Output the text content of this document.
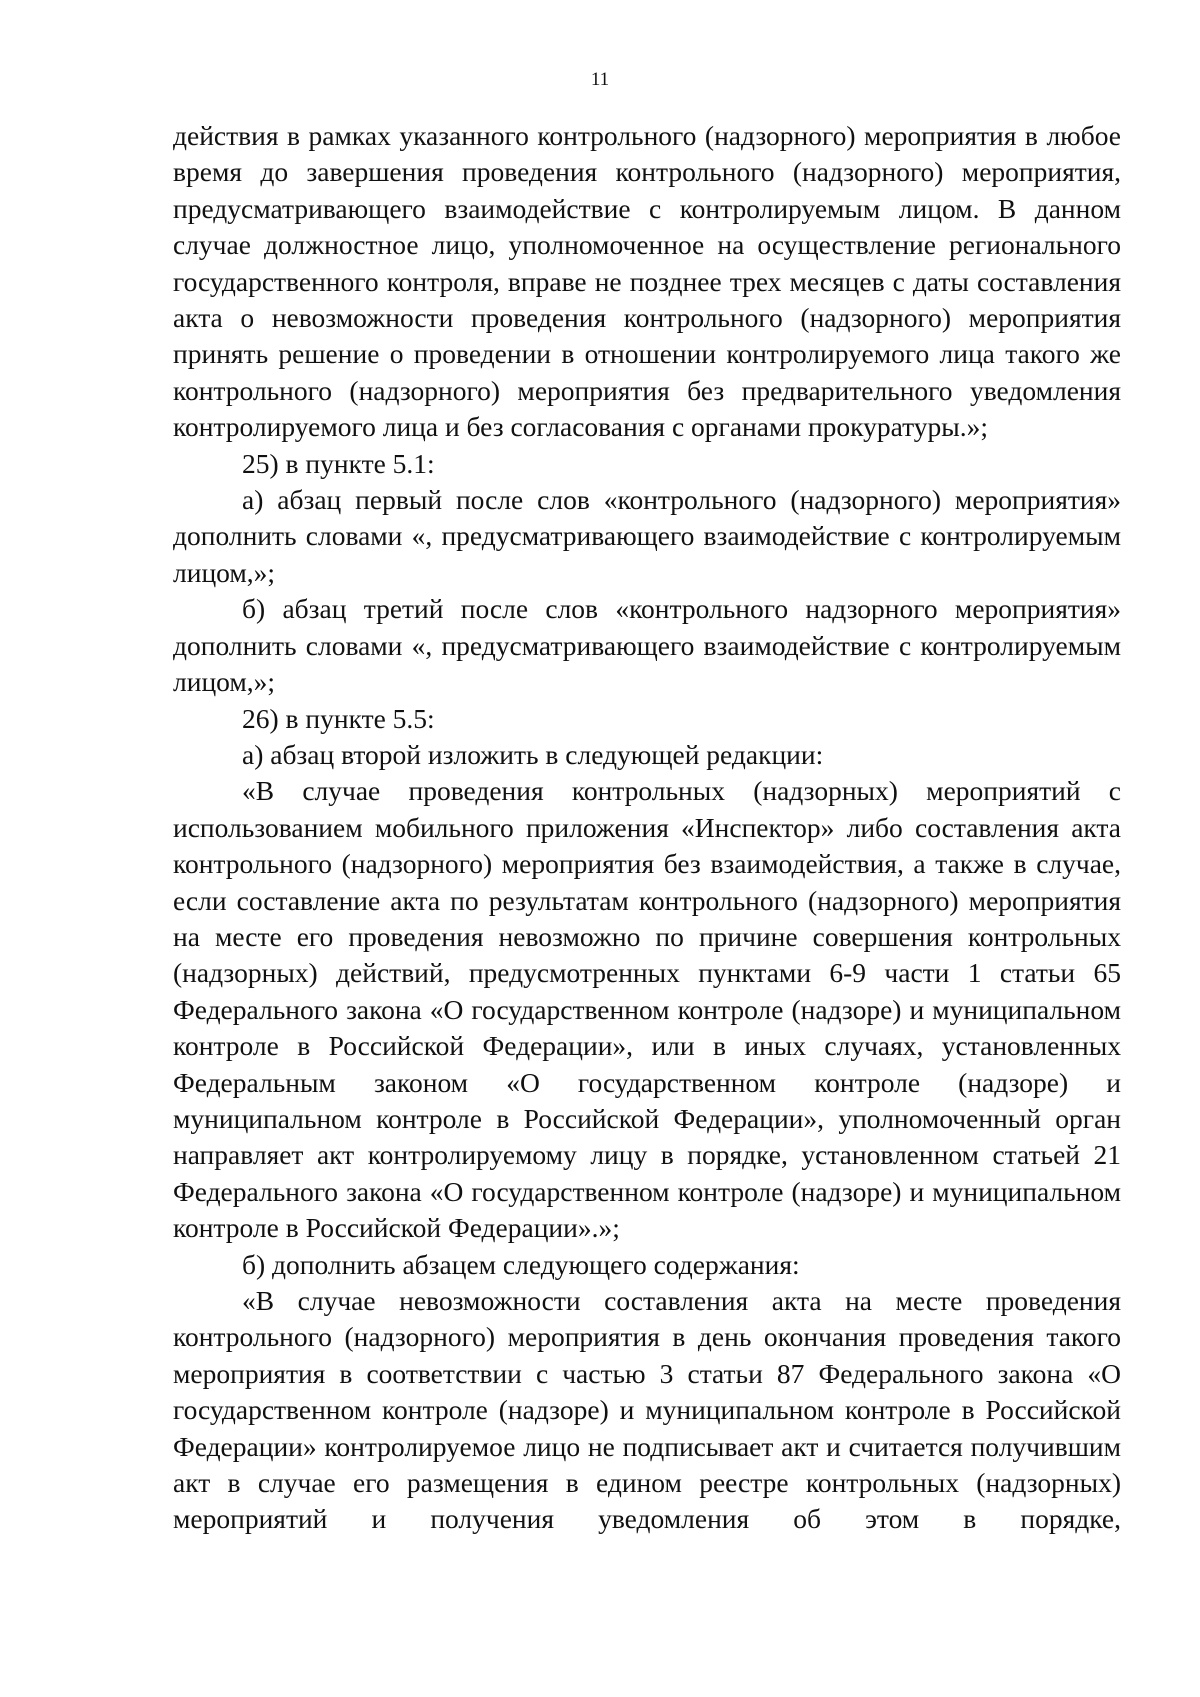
11

действия в рамках указанного контрольного (надзорного) мероприятия в любое время до завершения проведения контрольного (надзорного) мероприятия, предусматривающего взаимодействие с контролируемым лицом. В данном случае должностное лицо, уполномоченное на осуществление регионального государственного контроля, вправе не позднее трех месяцев с даты составления акта о невозможности проведения контрольного (надзорного) мероприятия принять решение о проведении в отношении контролируемого лица такого же контрольного (надзорного) мероприятия без предварительного уведомления контролируемого лица и без согласования с органами прокуратуры.»;

25) в пункте 5.1:

а) абзац первый после слов «контрольного (надзорного) мероприятия» дополнить словами «, предусматривающего взаимодействие с контролируемым лицом,»;

б) абзац третий после слов «контрольного надзорного мероприятия» дополнить словами «, предусматривающего взаимодействие с контролируемым лицом,»;

26) в пункте 5.5:

а) абзац второй изложить в следующей редакции:

«В случае проведения контрольных (надзорных) мероприятий с использованием мобильного приложения «Инспектор» либо составления акта контрольного (надзорного) мероприятия без взаимодействия, а также в случае, если составление акта по результатам контрольного (надзорного) мероприятия на месте его проведения невозможно по причине совершения контрольных (надзорных) действий, предусмотренных пунктами 6-9 части 1 статьи 65 Федерального закона «О государственном контроле (надзоре) и муниципальном контроле в Российской Федерации», или в иных случаях, установленных Федеральным законом «О государственном контроле (надзоре) и муниципальном контроле в Российской Федерации», уполномоченный орган направляет акт контролируемому лицу в порядке, установленном статьей 21 Федерального закона «О государственном контроле (надзоре) и муниципальном контроле в Российской Федерации».»;

б) дополнить абзацем следующего содержания:

«В случае невозможности составления акта на месте проведения контрольного (надзорного) мероприятия в день окончания проведения такого мероприятия в соответствии с частью 3 статьи 87 Федерального закона «О государственном контроле (надзоре) и муниципальном контроле в Российской Федерации» контролируемое лицо не подписывает акт и считается получившим акт в случае его размещения в едином реестре контрольных (надзорных) мероприятий и получения уведомления об этом в порядке,
